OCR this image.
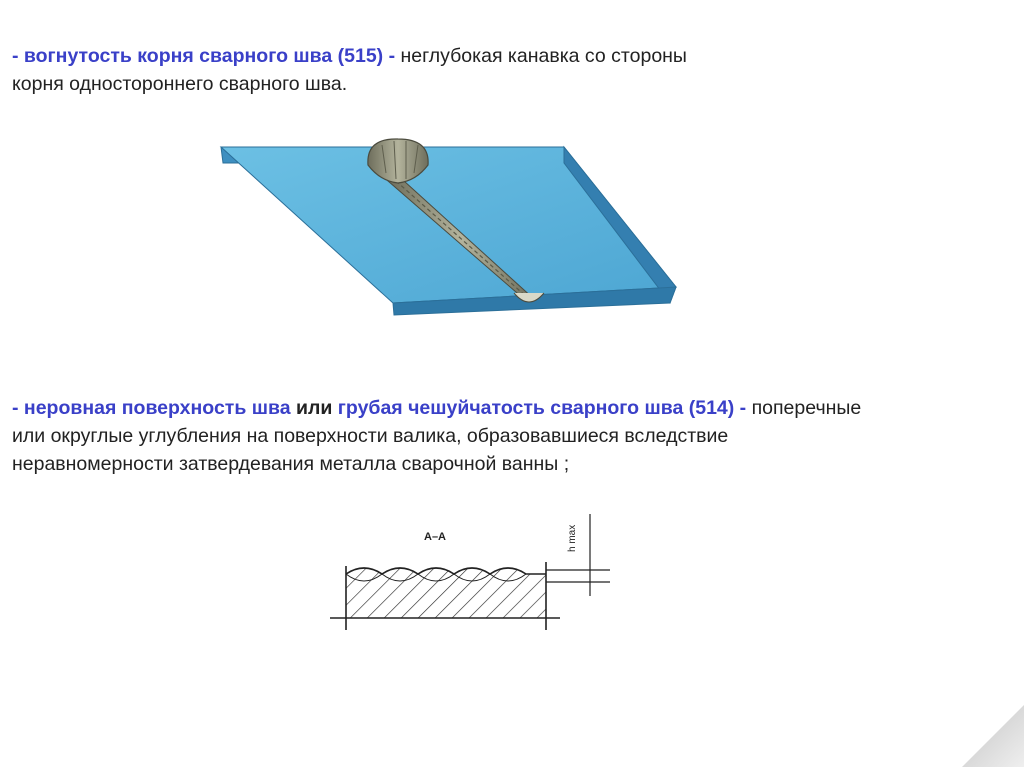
- вогнутость корня сварного шва (515) - неглубокая канавка со стороны
корня одностороннего сварного шва.
- неровная поверхность шва или грубая чешуйчатость сварного шва (514) - поперечные
или округлые углубления на поверхности валика, образовавшиеся вследствие
неравномерности затвердевания металла сварочной ванны ;
А–А	h max
